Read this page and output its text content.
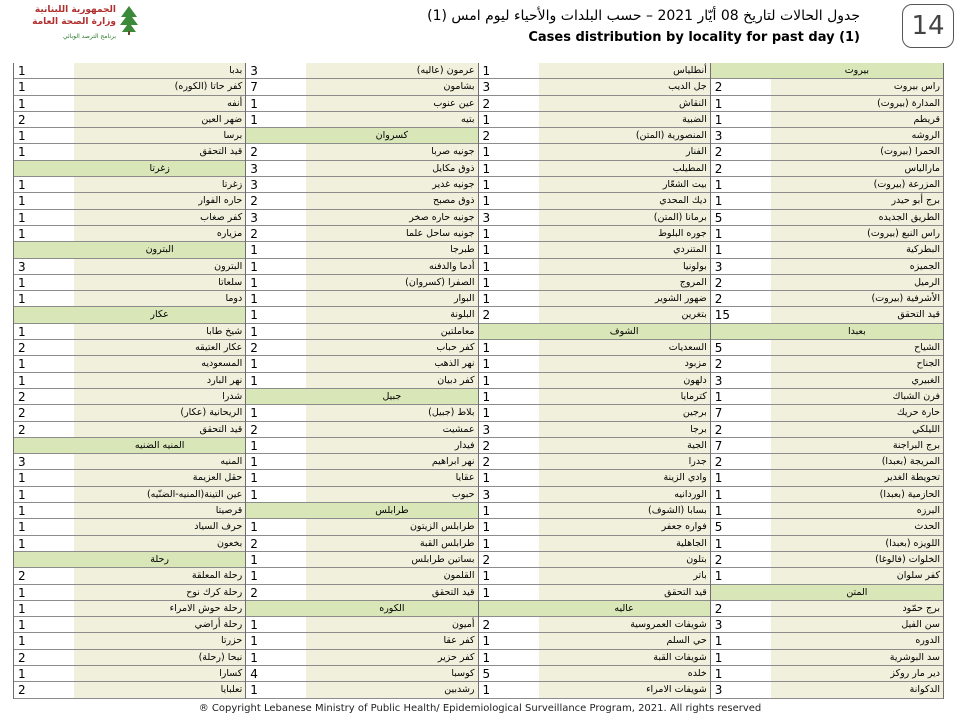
الجمهورية اللبنانية
وزارة الصحة العامة
برنامج الترصد الوبائي
جدول الحالات لتاريخ 08 أيّار 2021 – حسب البلدات والأحياء ليوم امس (1)
Cases distribution by locality for past day (1)	14
1	بدبا
1	كفر حاتا (الكوره)
1	أنفه
2	ضهر العين
1	برسا
1	قيد التحقق
زغرتا
1	زغرتا
1	حاره الفوار
1	كفر صغاب
1	مزياره
البترون
3	البترون
1	سلعاتا
1	دوما
عكار
1	شيخ طابا
2	عكار العتيقه
1	المسعوديه
1	نهر البارد
2	شدرا
2	الريحانية (عكار)
2	قيد التحقق
المنيه الضنيه
3	المنيه
1	حقل العزيمة
1	عين التينة(المنيه-الضنّيه)
1	قرصيتا
1	حرف السياد
1	بخعون
رحلة
2	رحلة المعلقة
1	رحلة كرك نوح
1	رحلة حوش الامراء
1	رحلة أراضي
1	حزرتا
2	نبحا (رحلة)
1	كسارا
2	تعلبايا
3	عرمون (عاليه)
7	بشامون
1	عين عنوب
1	بتيه
كسروان
2	جونيه صربا
3	ذوق مكايل
3	جونيه غدير
2	ذوق مصبح
3	جونيه حاره صخر
2	جونيه ساحل علما
1	طبرجا
1	أدما والدفنه
1	الصفرا (كسروان)
1	البوار
1	البلونة
1	معاملتين
2	كفر حباب
1	نهر الذهب
1	كفر دبيان
جبيل
1	بلاط (جبيل)
2	عمشيت
1	فيدار
1	نهر ابراهيم
1	عقايا
1	حبوب
طرابلس
1	طرابلس الزيتون
2	طرابلس القبة
1	بساتين طرابلس
1	القلمون
2	قيد التحقق
الكوره
1	أميون
1	كفر عقا
1	كفر حزير
4	كوسبا
1	رشدبين
1	أنطلياس
3	جل الديب
2	النقاش
1	الضبية
2	المنصورية (المتن)
1	الفنار
1	المطيلب
1	بيت الشعّار
1	ديك المحدي
3	برمانا (المتن)
1	جوره البلوط
1	المتنردي
1	بولونيا
1	المروج
1	ضهور الشوير
2	بتغرين
الشوف
1	السعديات
1	مزبود
1	دلهون
1	كترمايا
1	برجين
3	برجا
2	الجية
2	جدرا
1	وادي الزينة
3	الوردانيه
1	بسابا (الشوف)
1	فواره جعفر
1	الجاهلية
2	بتلون
1	باتر
1	قيد التحقق
عاليه
2	شويفات العمروسية
1	حي السلم
1	شويفات القبة
5	خلده
1	شويفات الامراء
بيروت
2	راس بيروت
1	المدارة (بيروت)
1	قريطم
3	الروشه
2	الحمرا (بيروت)
2	مارالياس
1	المزرعة (بيروت)
1	برج أبو حيدر
5	الطريق الجديده
1	راس النبع (بيروت)
1	البطركية
3	الجميزه
2	الرميل
2	الأشرفية (بيروت)
15	قيد التحقق
بعبدا
5	الشياح
2	الجناح
3	الغبيري
1	فرن الشباك
7	حارة حريك
2	الليلكي
7	برج البراجنة
2	المريجة (بعبدا)
1	تحويطة الغدير
1	الحازمية (بعبدا)
1	اليرزه
5	الحدث
1	اللويزه (بعبدا)
2	الخلوات (فالوغا)
1	كفر سلوان
المتن
2	برج حمّود
3	سن الفيل
1	الدوره
1	سد البوشرية
1	دير مار روكز
3	الدكوانة
® Copyright Lebanese Ministry of Public Health/ Epidemiological Surveillance Program, 2021. All rights reserved
